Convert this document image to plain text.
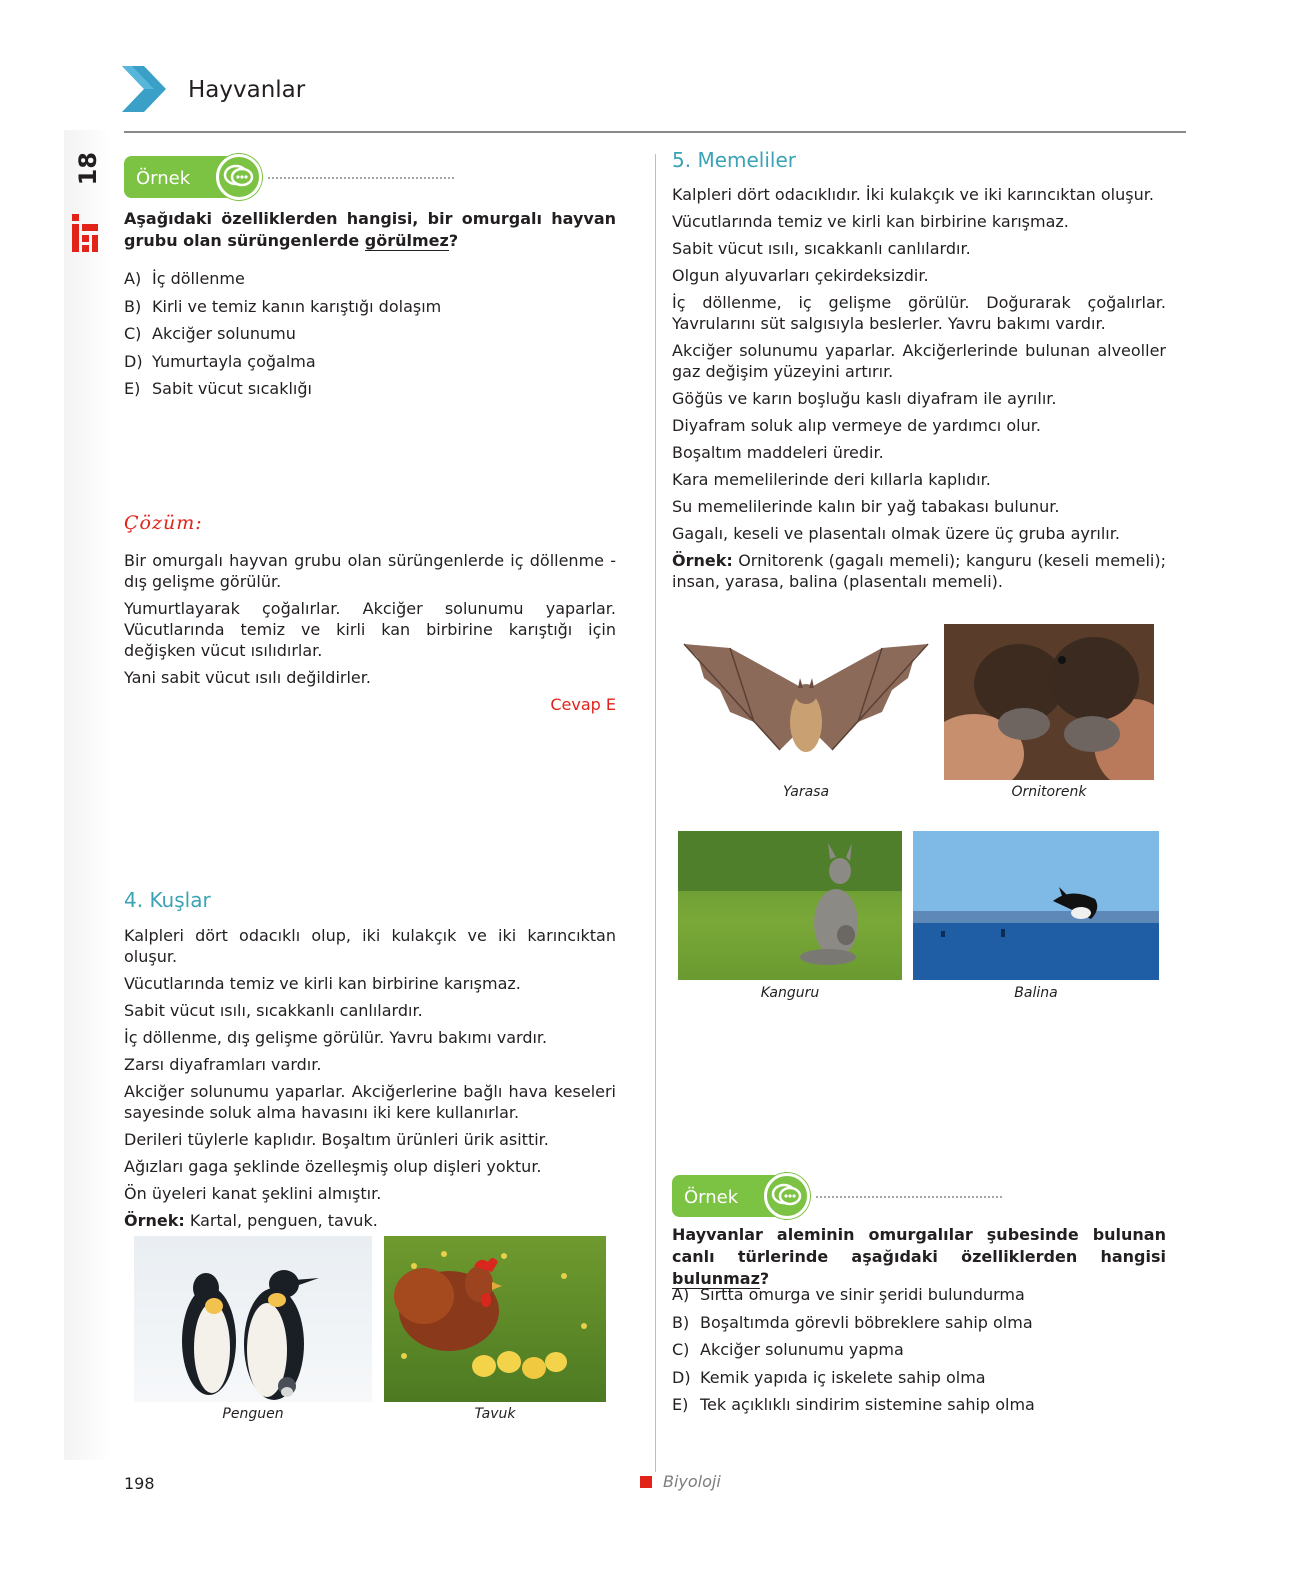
Hayvanlar
18 Örnek
Aşağıdaki özelliklerden hangisi, bir omurgalı hayvan grubu olan sürüngenlerde görülmez?
A) İç döllenme
B) Kirli ve temiz kanın karıştığı dolaşım
C) Akciğer solunumu
D) Yumurtayla çoğalma
E) Sabit vücut sıcaklığı
Çözüm:

Bir omurgalı hayvan grubu olan sürüngenlerde iç döllenme - dış gelişme görülür.

Yumurtlayarak çoğalırlar. Akciğer solunumu yaparlar. Vücutlarında temiz ve kirli kan birbirine karıştığı için değişken vücut ısılıdırlar.

Yani sabit vücut ısılı değildirler.

Cevap E
4. Kuşlar

Kalpleri dört odacıklı olup, iki kulakçık ve iki karıncıktan oluşur.

Vücutlarında temiz ve kirli kan birbirine karışmaz.

Sabit vücut ısılı, sıcakkanlı canlılardır.

İç döllenme, dış gelişme görülür. Yavru bakımı vardır.

Zarsı diyaframları vardır.

Akciğer solunumu yaparlar. Akciğerlerine bağlı hava keseleri sayesinde soluk alma havasını iki kere kullanırlar.

Derileri tüylerle kaplıdır. Boşaltım ürünleri ürik asittir.

Ağızları gaga şeklinde özelleşmiş olup dişleri yoktur.

Ön üyeleri kanat şeklini almıştır.

Örnek: Kartal, penguen, tavuk.

Penguen	Tavuk
5. Memeliler

Kalpleri dört odacıklıdır. İki kulakçık ve iki karıncıktan oluşur.

Vücutlarında temiz ve kirli kan birbirine karışmaz.

Sabit vücut ısılı, sıcakkanlı canlılardır.

Olgun alyuvarları çekirdeksizdir.

İç döllenme, iç gelişme görülür. Doğurarak çoğalırlar. Yavrularını süt salgısıyla beslerler. Yavru bakımı vardır.

Akciğer solunumu yaparlar. Akciğerlerinde bulunan alveoller gaz değişim yüzeyini artırır.

Göğüs ve karın boşluğu kaslı diyafram ile ayrılır.

Diyafram soluk alıp vermeye de yardımcı olur.

Boşaltım maddeleri üredir.

Kara memelilerinde deri kıllarla kaplıdır.

Su memelilerinde kalın bir yağ tabakası bulunur.

Gagalı, keseli ve plasentalı olmak üzere üç gruba ayrılır.

Örnek: Ornitorenk (gagalı memeli); kanguru (keseli memeli); insan, yarasa, balina (plasentalı memeli).

Yarasa	Ornitorenk
Kanguru	Balina
Örnek
Hayvanlar aleminin omurgalılar şubesinde bulunan canlı türlerinde aşağıdaki özelliklerden hangisi bulunmaz?
A) Sırtta omurga ve sinir şeridi bulundurma
B) Boşaltımda görevli böbreklere sahip olma
C) Akciğer solunumu yapma
D) Kemik yapıda iç iskelete sahip olma
E) Tek açıklıklı sindirim sistemine sahip olma
198	Biyoloji
